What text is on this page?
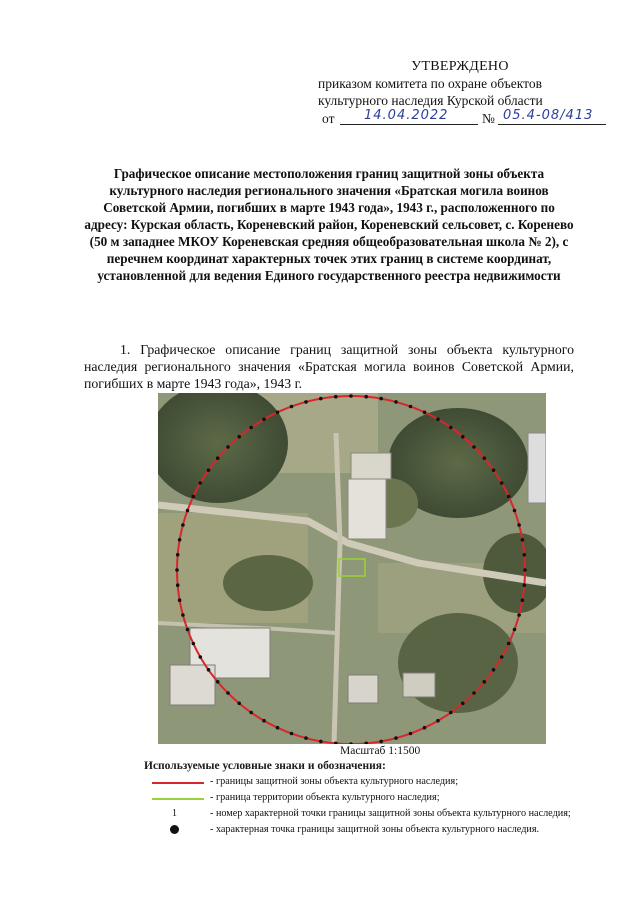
УТВЕРЖДЕНО
приказом комитета по охране объектов
культурного наследия Курской области
от 14.04.2022 № 05.4-08/413
Графическое описание местоположения границ защитной зоны объекта культурного наследия регионального значения «Братская могила воинов Советской Армии, погибших в марте 1943 года», 1943 г., расположенного по адресу: Курская область, Кореневский район, Кореневский сельсовет, с. Коренево (50 м западнее МКОУ Кореневская средняя общеобразовательная школа № 2), с перечнем координат характерных точек этих границ в системе координат, установленной для ведения Единого государственного реестра недвижимости
1. Графическое описание границ защитной зоны объекта культурного наследия регионального значения «Братская могила воинов Советской Армии, погибших в марте 1943 года», 1943 г.
Масштаб 1:1500
Используемые условные знаки и обозначения:
- границы защитной зоны объекта культурного наследия;
- граница территории объекта культурного наследия;
1	- номер характерной точки границы защитной зоны объекта культурного наследия;
- характерная точка границы защитной зоны объекта культурного наследия.
